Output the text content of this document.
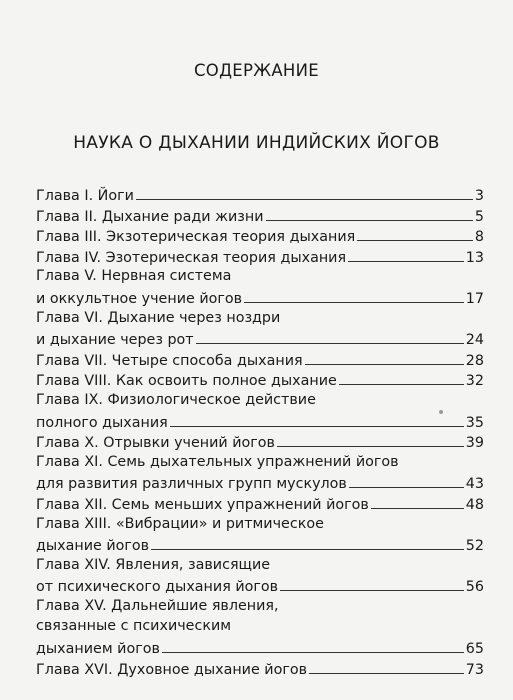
СОДЕРЖАНИЕ
НАУКА О ДЫХАНИИ ИНДИЙСКИХ ЙОГОВ
Глава I. Йоги	3
Глава II. Дыхание ради жизни	5
Глава III. Экзотерическая теория дыхания	8
Глава IV. Эзотерическая теория дыхания	13
Глава V. Нервная система
и оккультное учение йогов	17
Глава VI. Дыхание через ноздри
и дыхание через рот	24
Глава VII. Четыре способа дыхания	28
Глава VIII. Как освоить полное дыхание	32
Глава IX. Физиологическое действие
полного дыхания	35
Глава X. Отрывки учений йогов	39
Глава XI. Семь дыхательных упражнений йогов
для развития различных групп мускулов	43
Глава XII. Семь меньших упражнений йогов	48
Глава XIII. «Вибрации» и ритмическое
дыхание йогов	52
Глава XIV. Явления, зависящие
от психического дыхания йогов	56
Глава XV. Дальнейшие явления,
связанные с психическим
дыханием йогов	65
Глава XVI. Духовное дыхание йогов	73
